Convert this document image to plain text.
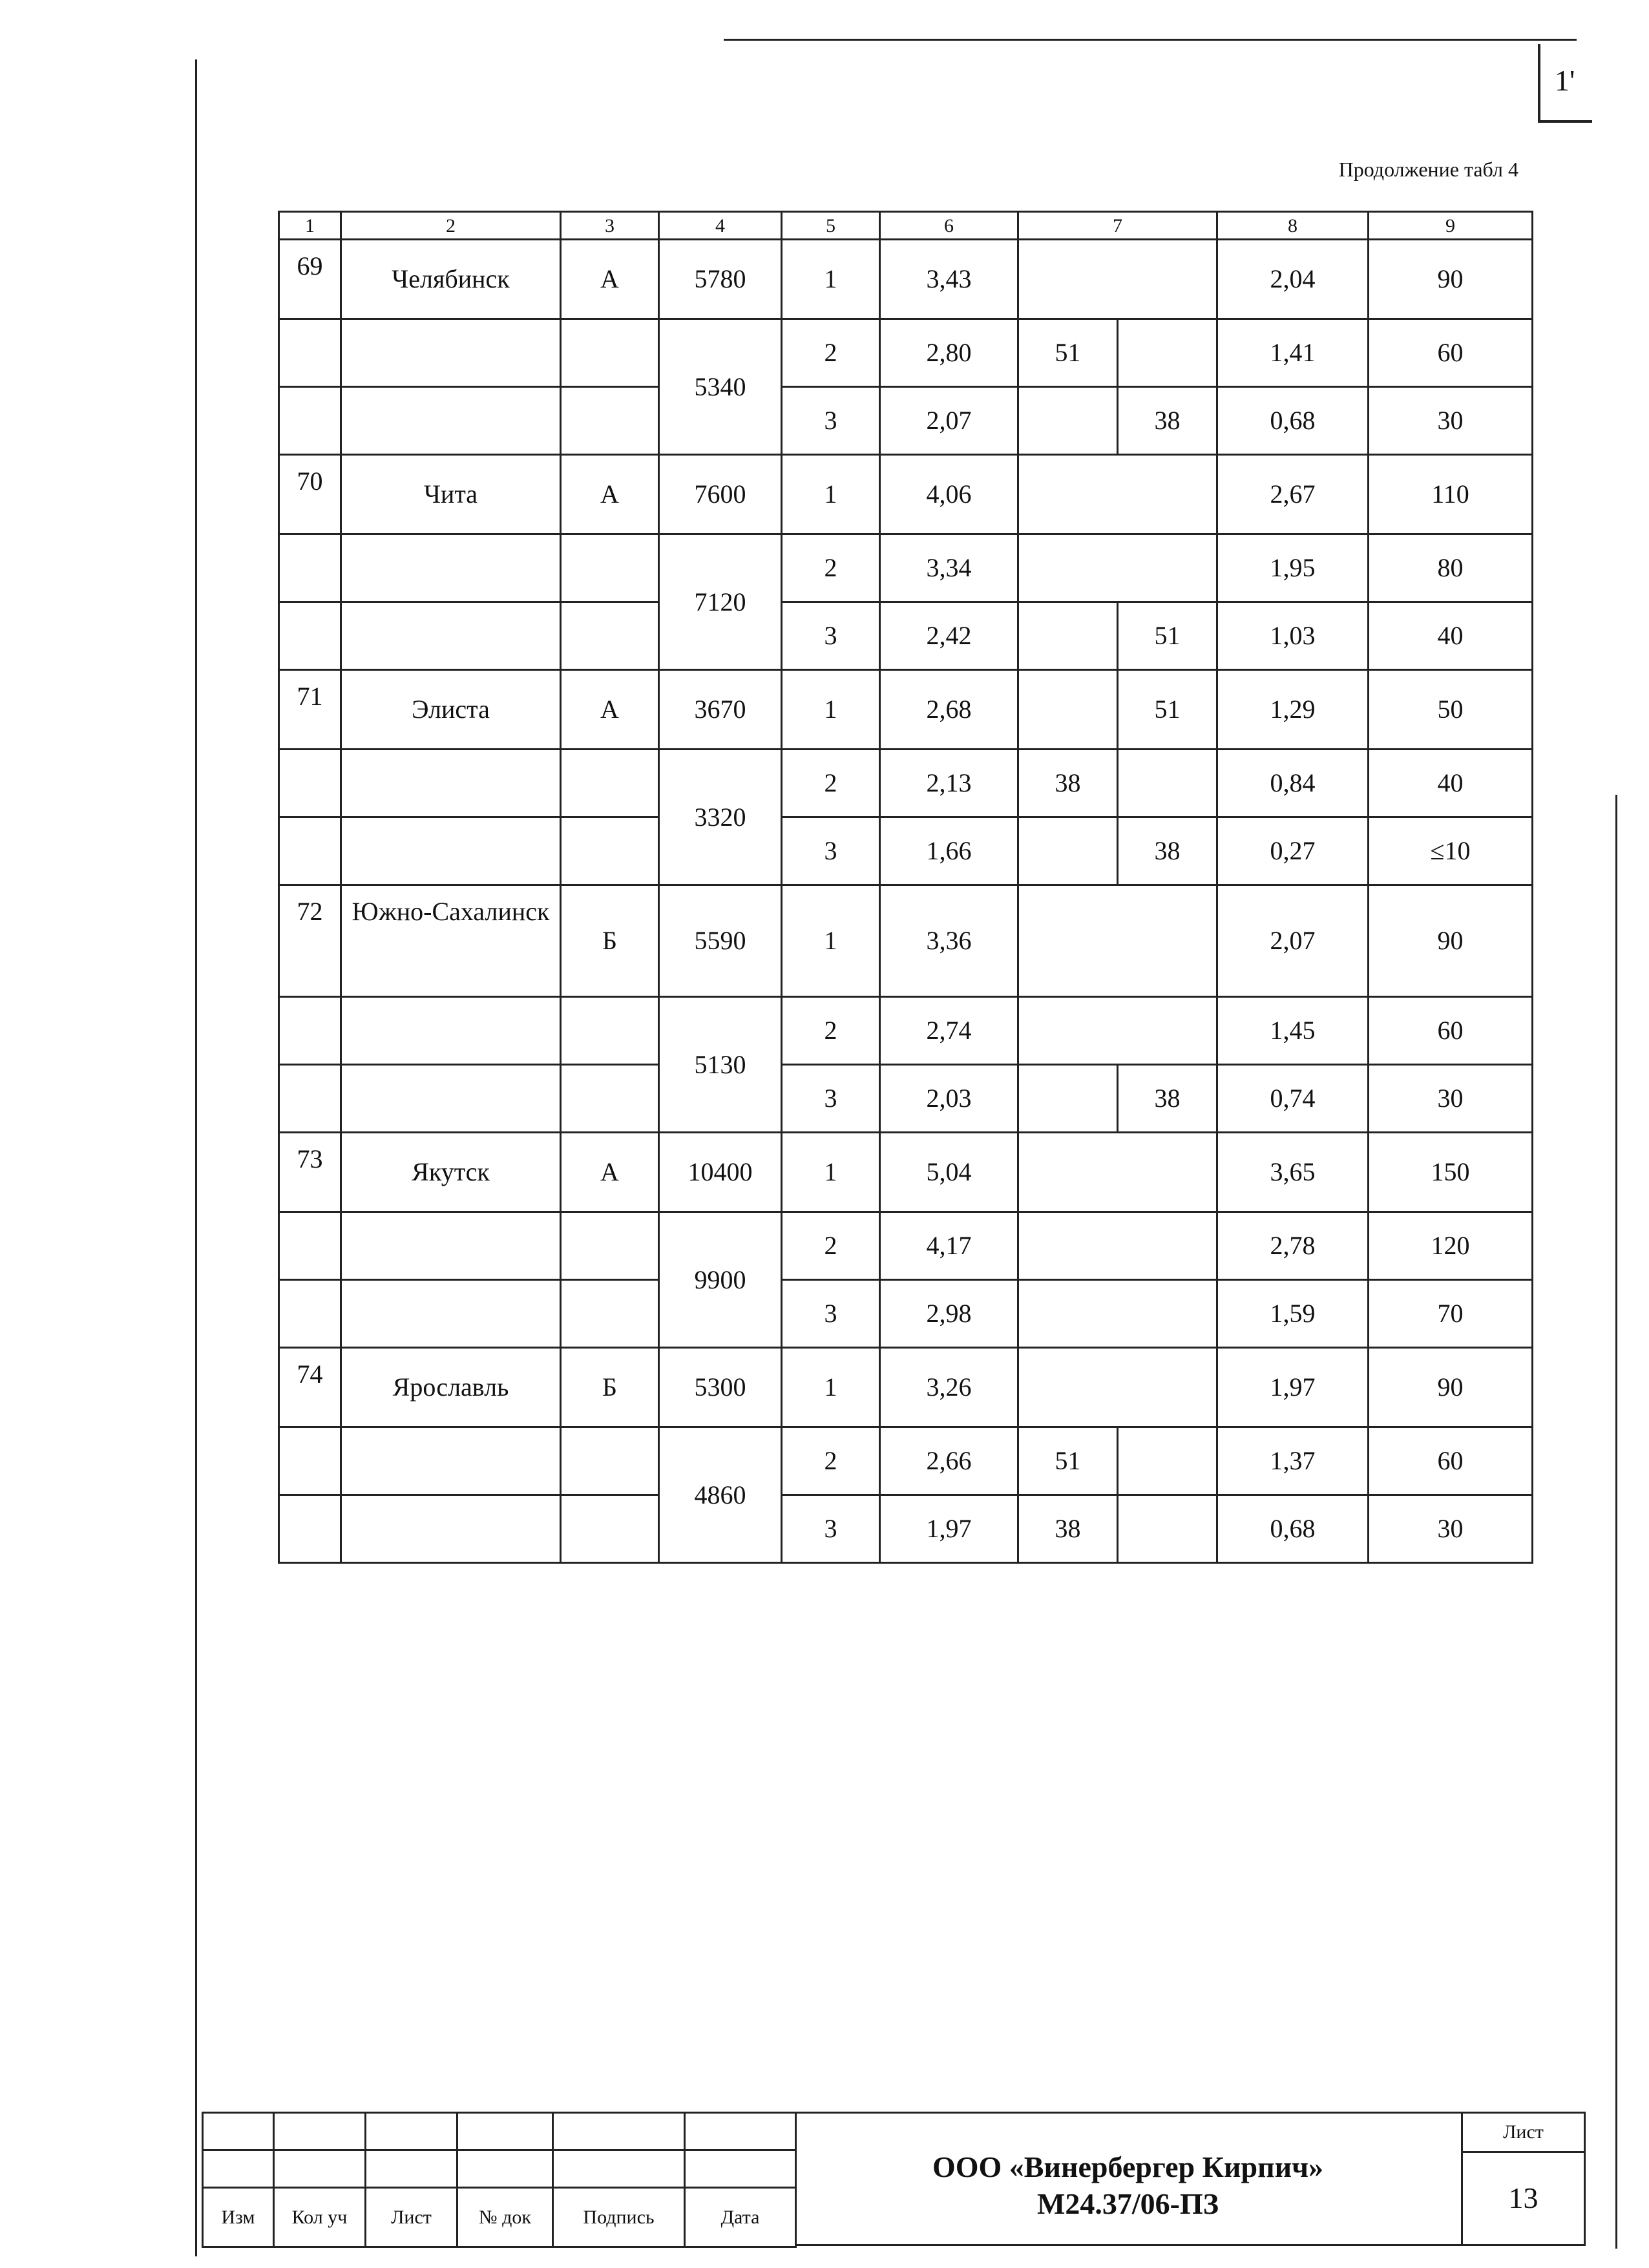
1'
Продолжение табл 4
1	2	3	4	5	6	7		8	9
69	Челябинск	А	5780	1	3,43			2,04	90
			5340	2	2,80	51		1,41	60
				3	2,07		38	0,68	30
70	Чита	А	7600	1	4,06			2,67	110
			7120	2	3,34			1,95	80
				3	2,42		51	1,03	40
71	Элиста	А	3670	1	2,68		51	1,29	50
			3320	2	2,13	38		0,84	40
				3	1,66		38	0,27	≤10
72	Южно-Сахалинск	Б	5590	1	3,36			2,07	90
			5130	2	2,74			1,45	60
				3	2,03		38	0,74	30
73	Якутск	А	10400	1	5,04			3,65	150
			9900	2	4,17			2,78	120
				3	2,98			1,59	70
74	Ярославль	Б	5300	1	3,26			1,97	90
			4860	2	2,66	51		1,37	60
				3	1,97	38		0,68	30

Изм	Кол уч	Лист	№ док	Подпись	Дата
ООО «Винербергер Кирпич»
М24.37/06-ПЗ
Лист
13
